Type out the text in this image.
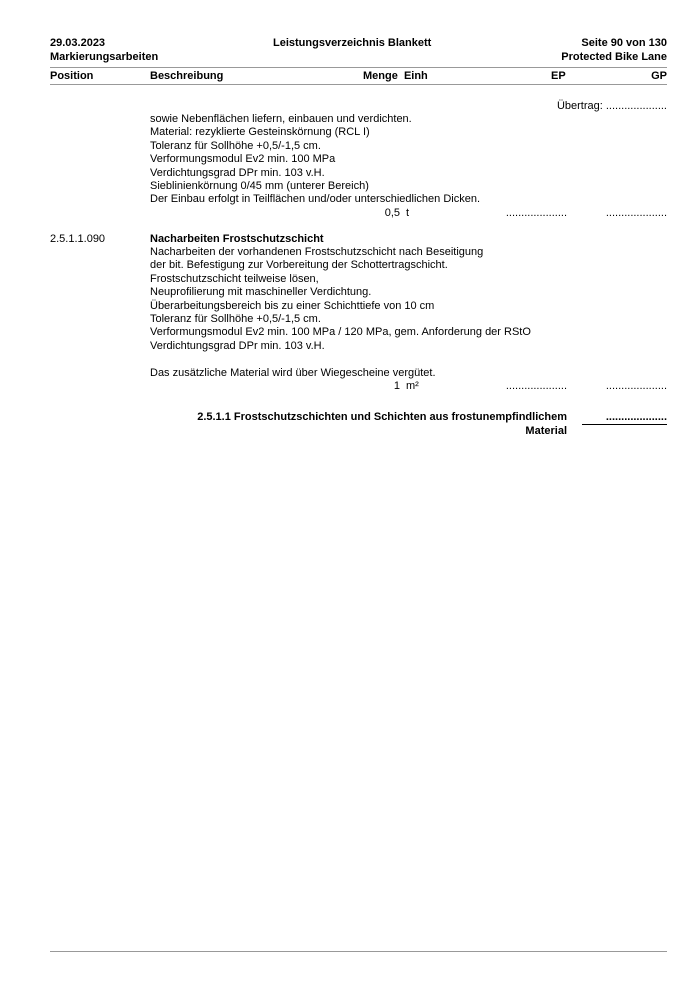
29.03.2023
Markierungsarbeiten
Leistungsverzeichnis Blankett	Seite 90 von 130
Protected Bike Lane
Position	Beschreibung	Menge  Einh	EP	GP
Übertrag: ....................
sowie Nebenflächen liefern, einbauen und verdichten.
Material: rezyklierte Gesteinskörnung (RCL I)
Toleranz für Sollhöhe +0,5/-1,5 cm.
Verformungsmodul Ev2 min. 100 MPa
Verdichtungsgrad DPr min. 103 v.H.
Sieblinienkörnung 0/45 mm (unterer Bereich)
Der Einbau erfolgt in Teilflächen und/oder unterschiedlichen Dicken.
0,5 t	....................	....................
2.5.1.1.090	Nacharbeiten Frostschutzschicht
Nacharbeiten der vorhandenen Frostschutzschicht nach Beseitigung
der bit. Befestigung zur Vorbereitung der Schottertragschicht.
Frostschutzschicht teilweise lösen,
Neuprofilierung mit maschineller Verdichtung.
Überarbeitungsbereich bis zu einer Schichttiefe von 10 cm
Toleranz für Sollhöhe +0,5/-1,5 cm.
Verformungsmodul Ev2 min. 100 MPa / 120 MPa, gem. Anforderung der RStO
Verdichtungsgrad DPr min. 103 v.H.
Das zusätzliche Material wird über Wiegescheine vergütet.
1 m²	....................	....................
2.5.1.1 Frostschutzschichten und Schichten aus frostunempfindlichem
Material
....................
